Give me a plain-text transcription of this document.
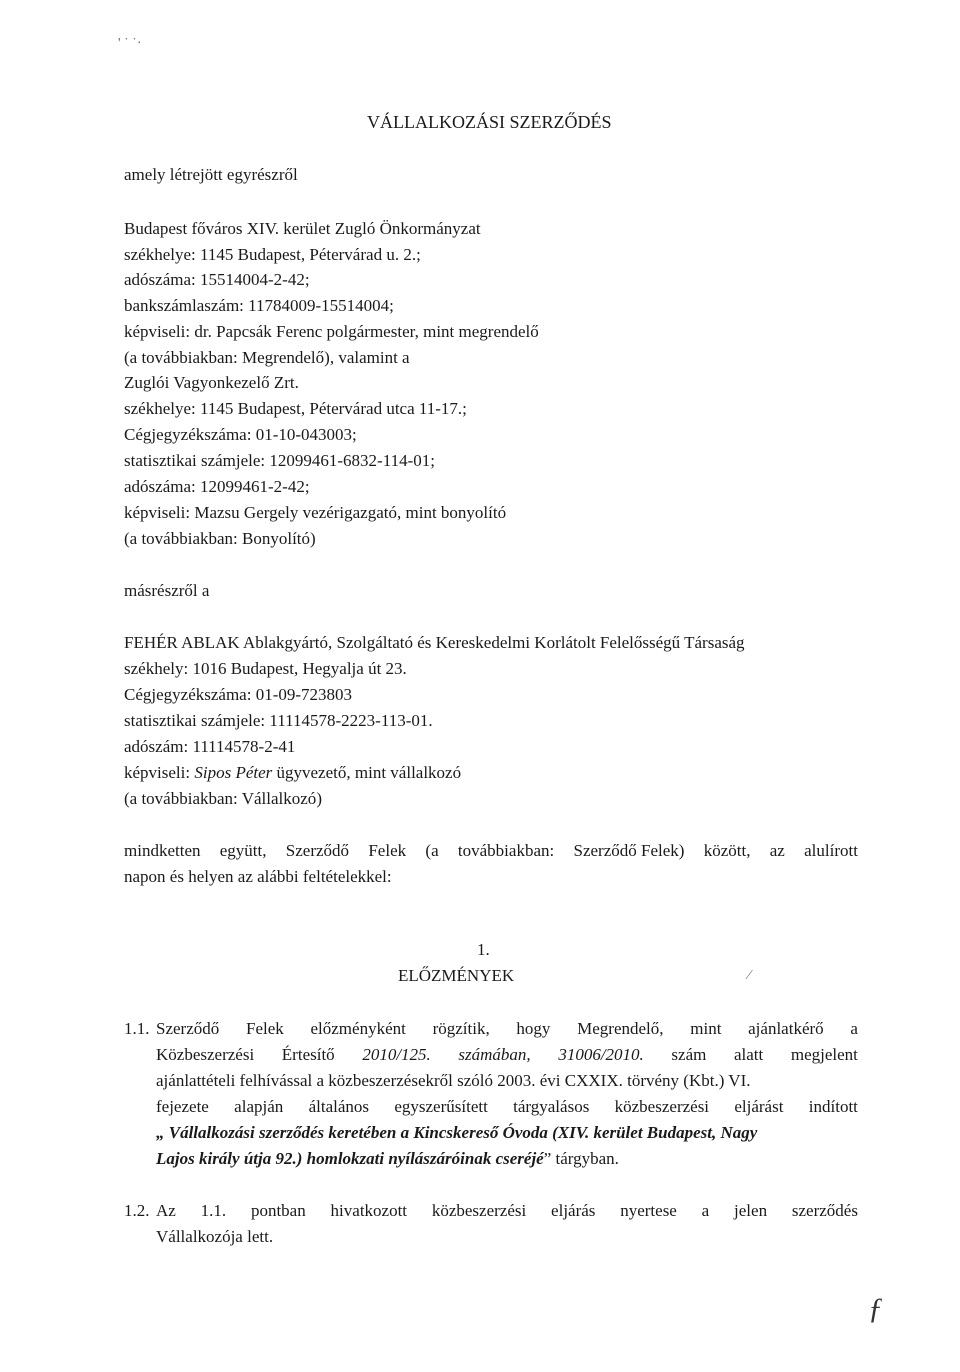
' ˙ ˙·
VÁLLALKOZÁSI SZERZŐDÉS
amely létrejött egyrészről
Budapest főváros XIV. kerület Zugló Önkormányzat
székhelye: 1145 Budapest, Pétervárad u. 2.;
adószáma: 15514004-2-42;
bankszámlaszám: 11784009-15514004;
képviseli: dr. Papcsák Ferenc polgármester, mint megrendelő
(a továbbiakban: Megrendelő), valamint a
Zuglói Vagyonkezelő Zrt.
székhelye: 1145 Budapest, Pétervárad utca 11-17.;
Cégjegyzékszáma: 01-10-043003;
statisztikai számjele: 12099461-6832-114-01;
adószáma: 12099461-2-42;
képviseli: Mazsu Gergely vezérigazgató, mint bonyolító
(a továbbiakban: Bonyolító)
másrészről a
FEHÉR ABLAK Ablakgyártó, Szolgáltató és Kereskedelmi Korlátolt Felelősségű Társaság
székhely: 1016 Budapest, Hegyalja út 23.
Cégjegyzékszáma: 01-09-723803
statisztikai számjele: 11114578-2223-113-01.
adószám: 11114578-2-41
képviseli: Sipos Péter ügyvezető, mint vállalkozó
(a továbbiakban: Vállalkozó)
mindketten együtt, Szerződő Felek (a továbbiakban: Szerződő Felek) között, az alulírott
napon és helyen az alábbi feltételekkel:
1.
ELŐZMÉNYEK	⁄
1.1. Szerződő Felek előzményként rögzítik, hogy Megrendelő, mint ajánlatkérő a
Közbeszerzési Értesítő 2010/125. számában, 31006/2010. szám alatt megjelent
ajánlattételi felhívással a közbeszerzésekről szóló 2003. évi CXXIX. törvény (Kbt.) VI.
fejezete alapján általános egyszerűsített tárgyalásos közbeszerzési eljárást indított
„ Vállalkozási szerződés keretében a Kincskereső Óvoda (XIV. kerület Budapest, Nagy
Lajos király útja 92.) homlokzati nyílászáróinak cseréjé” tárgyban.
1.2. Az 1.1. pontban hivatkozott közbeszerzési eljárás nyertese a jelen szerződés
Vállalkozója lett.
ƒ
